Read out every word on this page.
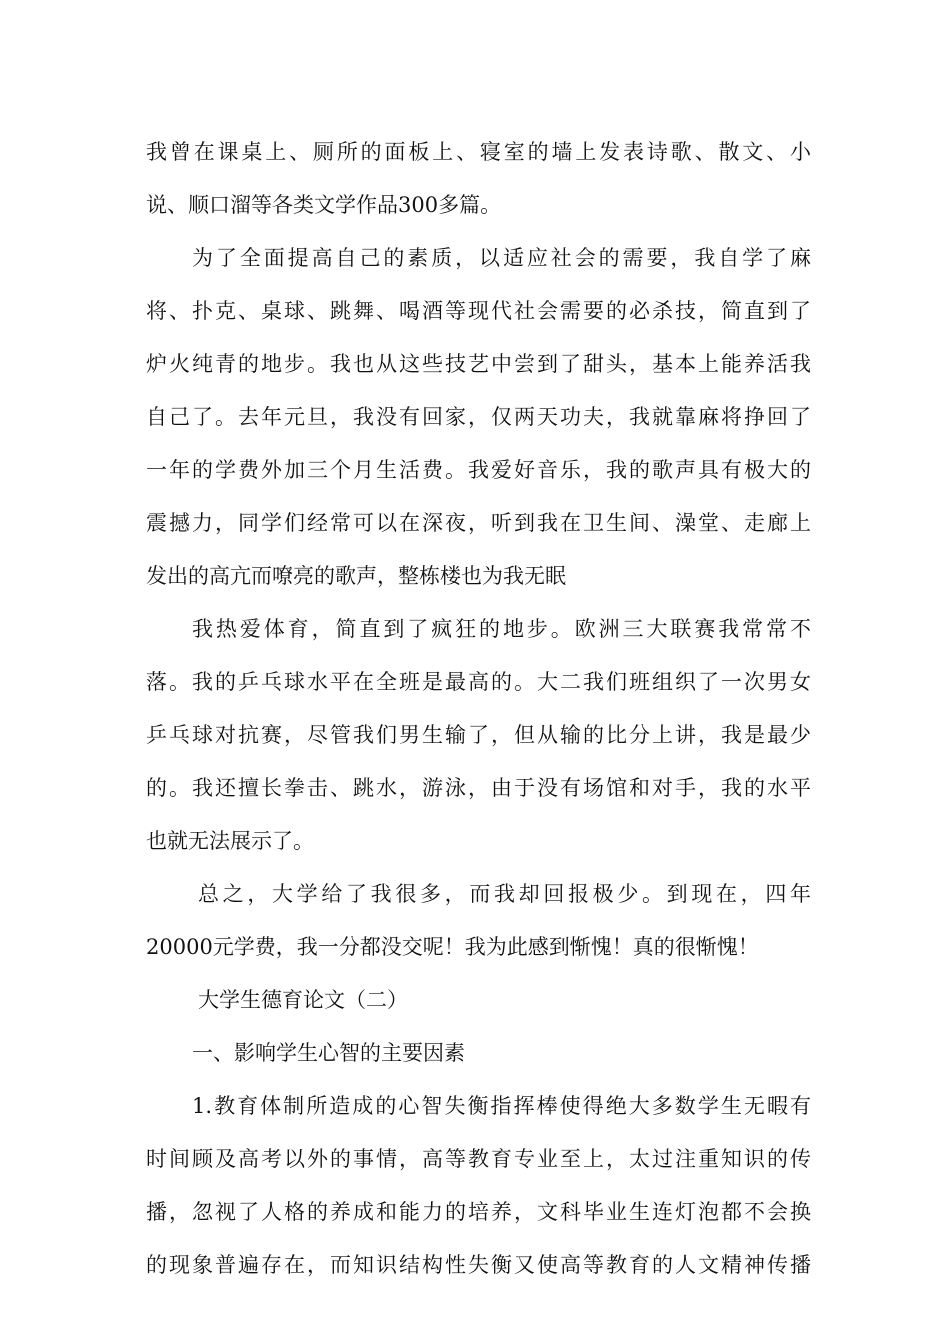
我曾在课桌上、厕所的面板上、寝室的墙上发表诗歌、散文、小
说、顺口溜等各类文学作品300多篇。
为了全面提高自己的素质，以适应社会的需要，我自学了麻
将、扑克、桌球、跳舞、喝酒等现代社会需要的必杀技，简直到了
炉火纯青的地步。我也从这些技艺中尝到了甜头，基本上能养活我
自己了。去年元旦，我没有回家，仅两天功夫，我就靠麻将挣回了
一年的学费外加三个月生活费。我爱好音乐，我的歌声具有极大的
震撼力，同学们经常可以在深夜，听到我在卫生间、澡堂、走廊上
发出的高亢而嘹亮的歌声，整栋楼也为我无眠
我热爱体育，简直到了疯狂的地步。欧洲三大联赛我常常不
落。我的乒乓球水平在全班是最高的。大二我们班组织了一次男女
乒乓球对抗赛，尽管我们男生输了，但从输的比分上讲，我是最少
的。我还擅长拳击、跳水，游泳，由于没有场馆和对手，我的水平
也就无法展示了。
总之，大学给了我很多，而我却回报极少。到现在，四年
20000元学费，我一分都没交呢！我为此感到惭愧！真的很惭愧！
大学生德育论文（二）
一、影响学生心智的主要因素
1.教育体制所造成的心智失衡指挥棒使得绝大多数学生无暇有
时间顾及高考以外的事情，高等教育专业至上，太过注重知识的传
播，忽视了人格的养成和能力的培养，文科毕业生连灯泡都不会换
的现象普遍存在，而知识结构性失衡又使高等教育的人文精神传播
